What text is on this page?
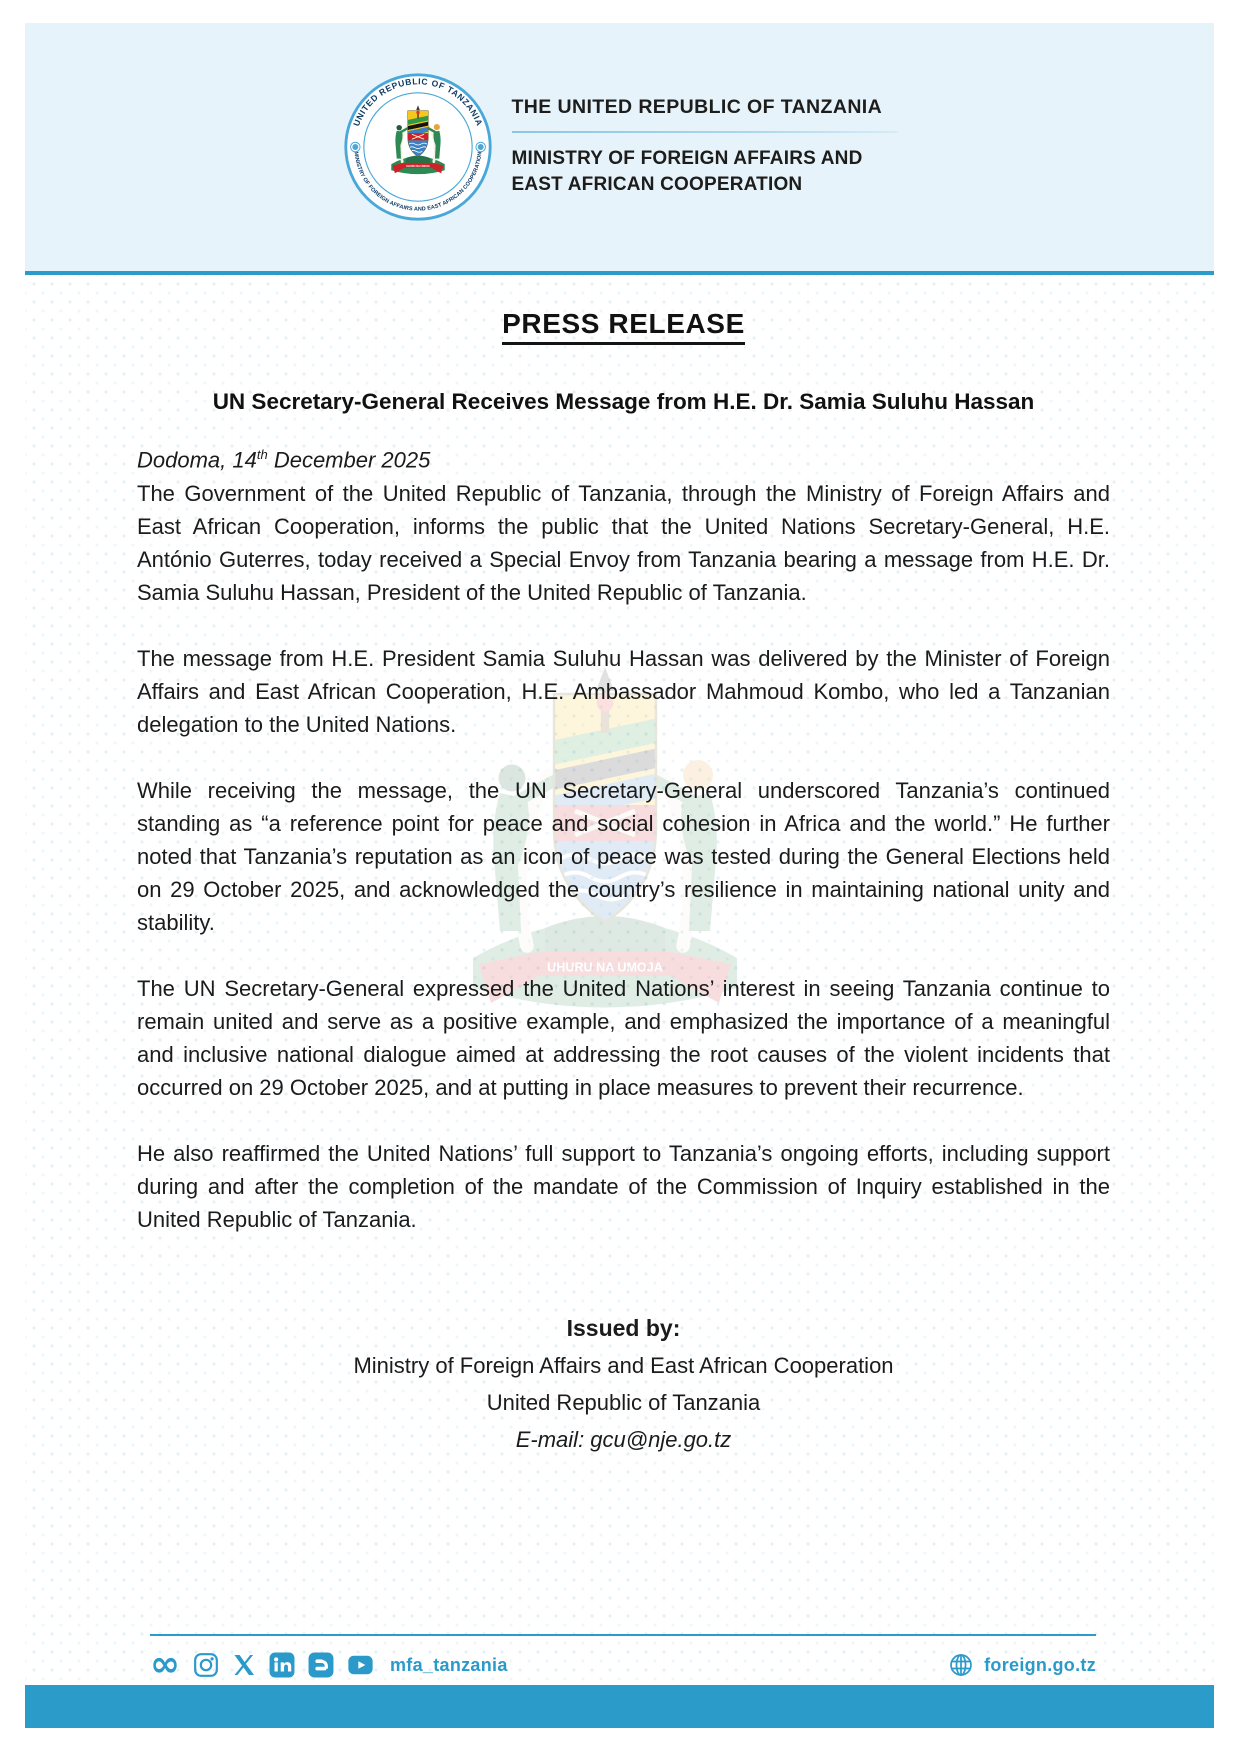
UNITED REPUBLIC OF TANZANIA
MINISTRY OF FOREIGN AFFAIRS AND EAST AFRICAN COOPERATION
THE UNITED REPUBLIC OF TANZANIA
MINISTRY OF FOREIGN AFFAIRS AND
EAST AFRICAN COOPERATION
PRESS RELEASE
UN Secretary-General Receives Message from H.E. Dr. Samia Suluhu Hassan
Dodoma, 14th December 2025

The Government of the United Republic of Tanzania, through the Ministry of Foreign Affairs and East African Cooperation, informs the public that the United Nations Secretary-General, H.E. António Guterres, today received a Special Envoy from Tanzania bearing a message from H.E. Dr. Samia Suluhu Hassan, President of the United Republic of Tanzania.

The message from H.E. President Samia Suluhu Hassan was delivered by the Minister of Foreign Affairs and East African Cooperation, H.E. Ambassador Mahmoud Kombo, who led a Tanzanian delegation to the United Nations.

While receiving the message, the UN Secretary-General underscored Tanzania’s continued standing as “a reference point for peace and social cohesion in Africa and the world.” He further noted that Tanzania’s reputation as an icon of peace was tested during the General Elections held on 29 October 2025, and acknowledged the country’s resilience in maintaining national unity and stability.

The UN Secretary-General expressed the United Nations’ interest in seeing Tanzania continue to remain united and serve as a positive example, and emphasized the importance of a meaningful and inclusive national dialogue aimed at addressing the root causes of the violent incidents that occurred on 29 October 2025, and at putting in place measures to prevent their recurrence.

He also reaffirmed the United Nations’ full support to Tanzania’s ongoing efforts, including support during and after the completion of the mandate of the Commission of Inquiry established in the United Republic of Tanzania.

Issued by:
Ministry of Foreign Affairs and East African Cooperation
United Republic of Tanzania
E-mail: gcu@nje.go.tz
∞	mfa_tanzania	foreign.go.tz
